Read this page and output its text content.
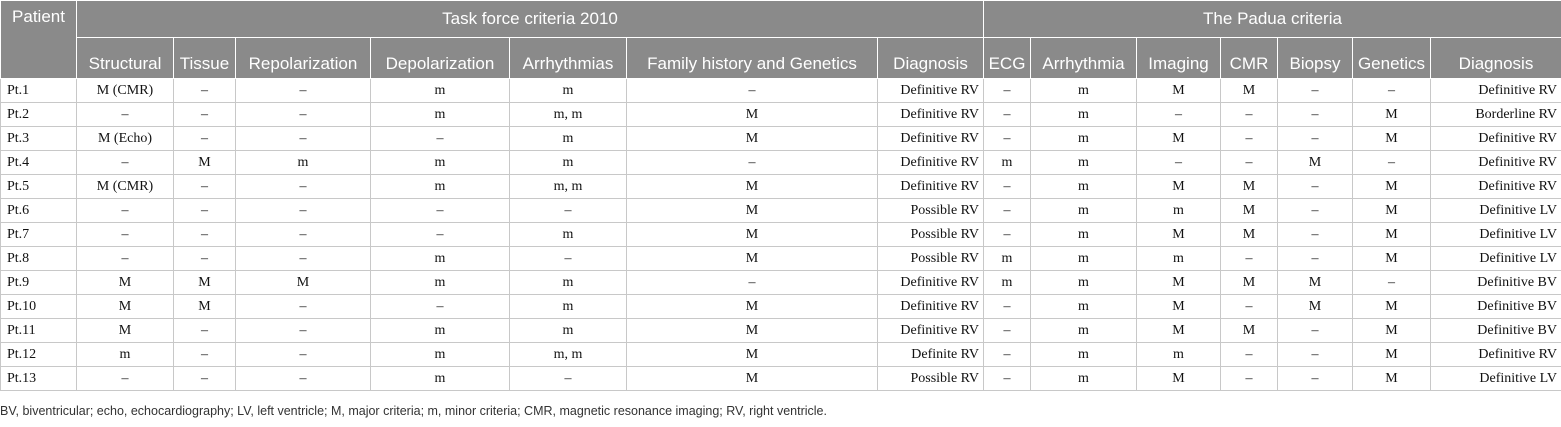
Patient	Task force criteria 2010							The Padua criteria						
	Structural	Tissue	Repolarization	Depolarization	Arrhythmias	Family history and Genetics	Diagnosis	ECG	Arrhythmia	Imaging	CMR	Biopsy	Genetics	Diagnosis
Pt.1	M (CMR)	–	–	m	m	–	Definitive RV	–	m	M	M	–	–	Definitive RV
Pt.2	–	–	–	m	m, m	M	Definitive RV	–	m	–	–	–	M	Borderline RV
Pt.3	M (Echo)	–	–	–	m	M	Definitive RV	–	m	M	–	–	M	Definitive RV
Pt.4	–	M	m	m	m	–	Definitive RV	m	m	–	–	M	–	Definitive RV
Pt.5	M (CMR)	–	–	m	m, m	M	Definitive RV	–	m	M	M	–	M	Definitive RV
Pt.6	–	–	–	–	–	M	Possible RV	–	m	m	M	–	M	Definitive LV
Pt.7	–	–	–	–	m	M	Possible RV	–	m	M	M	–	M	Definitive LV
Pt.8	–	–	–	m	–	M	Possible RV	m	m	m	–	–	M	Definitive LV
Pt.9	M	M	M	m	m	–	Definitive RV	m	m	M	M	M	–	Definitive BV
Pt.10	M	M	–	–	m	M	Definitive RV	–	m	M	–	M	M	Definitive BV
Pt.11	M	–	–	m	m	M	Definitive RV	–	m	M	M	–	M	Definitive BV
Pt.12	m	–	–	m	m, m	M	Definite RV	–	m	m	–	–	M	Definitive RV
Pt.13	–	–	–	m	–	M	Possible RV	–	m	M	–	–	M	Definitive LV
BV, biventricular; echo, echocardiography; LV, left ventricle; M, major criteria; m, minor criteria; CMR, magnetic resonance imaging; RV, right ventricle.
